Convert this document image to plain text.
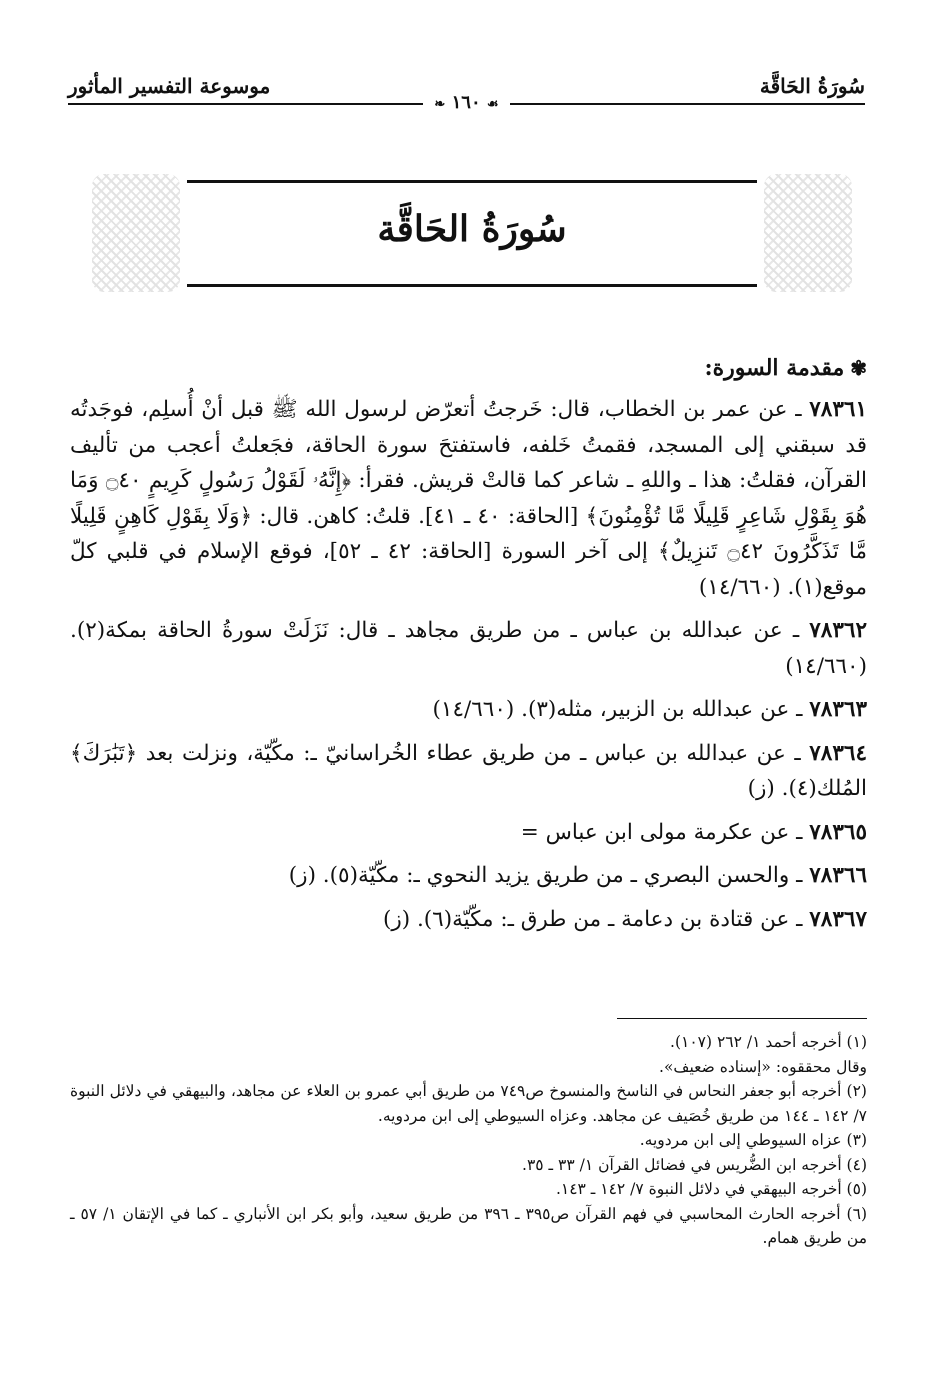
سُورَةُ الحَاقَّة
موسوعة التفسير المأثور
❧ ١٦٠ ☙
سُورَةُ الحَاقَّة
✾مقدمة السورة:

٧٨٣٦١ ـ عن عمر بن الخطاب، قال: خَرجتُ أتعرّض لرسول الله ﷺ قبل أنْ أُسلِم، فوجَدتُه قد سبقني إلى المسجد، فقمتُ خَلفه، فاستفتحَ سورة الحاقة، فجَعلتُ أعجب من تأليف القرآن، فقلتُ: هذا ـ واللهِ ـ شاعر كما قالتْ قريش. فقرأ: ﴿إِنَّهُۥ لَقَوْلُ رَسُولٍ كَرِيمٍ ۝٤٠ وَمَا هُوَ بِقَوْلِ شَاعِرٍ قَلِيلًا مَّا تُؤْمِنُونَ﴾ [الحاقة: ٤٠ ـ ٤١]. قلتُ: كاهن. قال: ﴿وَلَا بِقَوْلِ كَاهِنٍ قَلِيلًا مَّا تَذَكَّرُونَ ۝٤٢ تَنزِيلٌ﴾ إلى آخر السورة [الحاقة: ٤٢ ـ ٥٢]، فوقع الإسلام في قلبي كلّ موقع(١). (١٤/٦٦٠)

٧٨٣٦٢ ـ عن عبدالله بن عباس ـ من طريق مجاهد ـ قال: نَزَلَتْ سورةُ الحاقة بمكة(٢). (١٤/٦٦٠)

٧٨٣٦٣ ـ عن عبدالله بن الزبير، مثله(٣). (١٤/٦٦٠)

٧٨٣٦٤ ـ عن عبدالله بن عباس ـ من طريق عطاء الخُراسانيّ ـ: مكّيّة، ونزلت بعد ﴿تَبَٰرَكَ﴾ المُلك(٤). (ز)

٧٨٣٦٥ ـ عن عكرمة مولى ابن عباس =

٧٨٣٦٦ ـ والحسن البصري ـ من طريق يزيد النحوي ـ: مكّيّة(٥). (ز)

٧٨٣٦٧ ـ عن قتادة بن دعامة ـ من طرق ـ: مكّيّة(٦). (ز)

(١) أخرجه أحمد ١/ ٢٦٢ (١٠٧).

وقال محققوه: «إسناده ضعيف».

(٢) أخرجه أبو جعفر النحاس في الناسخ والمنسوخ ص٧٤٩ من طريق أبي عمرو بن العلاء عن مجاهد، والبيهقي في دلائل النبوة ٧/ ١٤٢ ـ ١٤٤ من طريق خُصَيف عن مجاهد. وعزاه السيوطي إلى ابن مردويه.

(٣) عزاه السيوطي إلى ابن مردويه.

(٤) أخرجه ابن الضُّريس في فضائل القرآن ١/ ٣٣ ـ ٣٥.

(٥) أخرجه البيهقي في دلائل النبوة ٧/ ١٤٢ ـ ١٤٣.

(٦) أخرجه الحارث المحاسبي في فهم القرآن ص٣٩٥ ـ ٣٩٦ من طريق سعيد، وأبو بكر ابن الأنباري ـ كما في الإتقان ١/ ٥٧ ـ من طريق همام.
